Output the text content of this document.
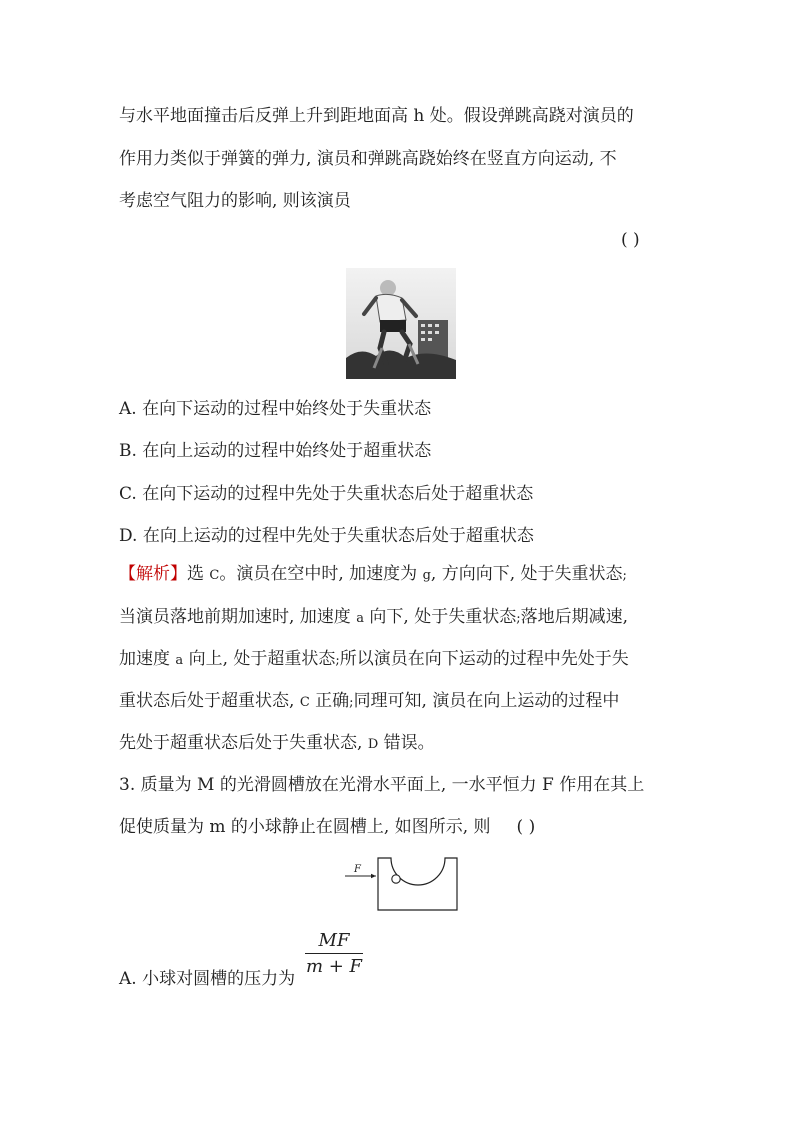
与水平地面撞击后反弹上升到距地面高 h 处。假设弹跳高跷对演员的
作用力类似于弹簧的弹力, 演员和弹跳高跷始终在竖直方向运动, 不
考虑空气阻力的影响, 则该演员
( )
A. 在向下运动的过程中始终处于失重状态
B. 在向上运动的过程中始终处于超重状态
C. 在向下运动的过程中先处于失重状态后处于超重状态
D. 在向上运动的过程中先处于失重状态后处于超重状态
【解析】选 C。演员在空中时, 加速度为 g, 方向向下, 处于失重状态;
当演员落地前期加速时, 加速度 a 向下, 处于失重状态;落地后期减速,
加速度 a 向上, 处于超重状态;所以演员在向下运动的过程中先处于失
重状态后处于超重状态, C 正确;同理可知, 演员在向上运动的过程中
先处于超重状态后处于失重状态, D 错误。
3. 质量为 M 的光滑圆槽放在光滑水平面上, 一水平恒力 F 作用在其上
促使质量为 m 的小球静止在圆槽上, 如图所示, 则 ( )
F
A. 小球对圆槽的压力为
$\frac{MF}{m + F}$
